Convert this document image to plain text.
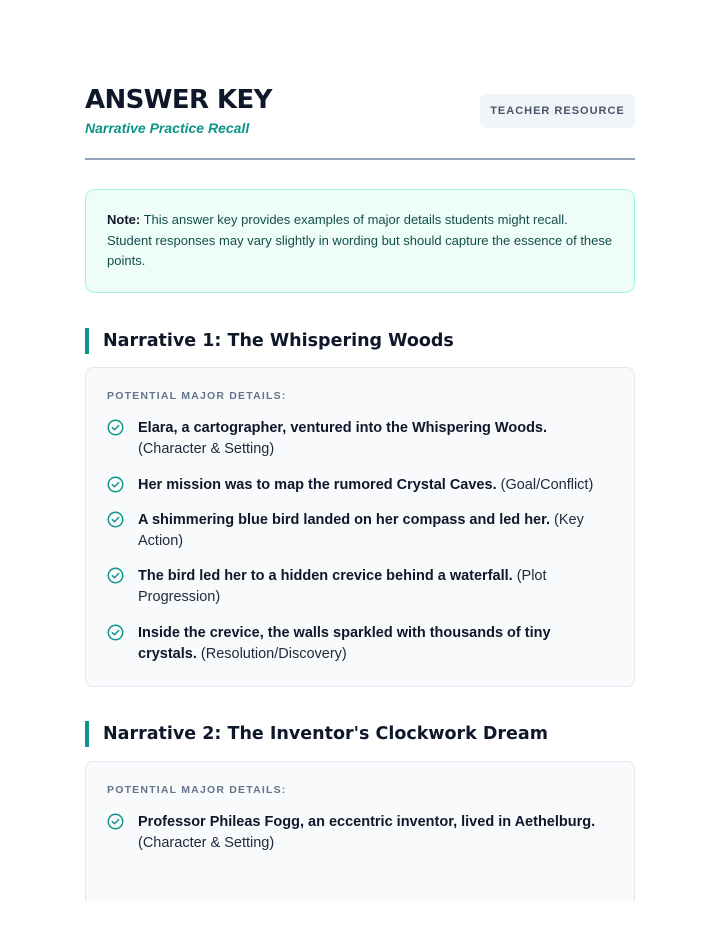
ANSWER KEY
Narrative Practice Recall
TEACHER RESOURCE
Note: This answer key provides examples of major details students might recall. Student responses may vary slightly in wording but should capture the essence of these points.
Narrative 1: The Whispering Woods
POTENTIAL MAJOR DETAILS:
Elara, a cartographer, ventured into the Whispering Woods. (Character & Setting)
Her mission was to map the rumored Crystal Caves. (Goal/Conflict)
A shimmering blue bird landed on her compass and led her. (Key Action)
The bird led her to a hidden crevice behind a waterfall. (Plot Progression)
Inside the crevice, the walls sparkled with thousands of tiny crystals. (Resolution/Discovery)
Narrative 2: The Inventor's Clockwork Dream
POTENTIAL MAJOR DETAILS:
Professor Phileas Fogg, an eccentric inventor, lived in Aethelburg. (Character & Setting)
